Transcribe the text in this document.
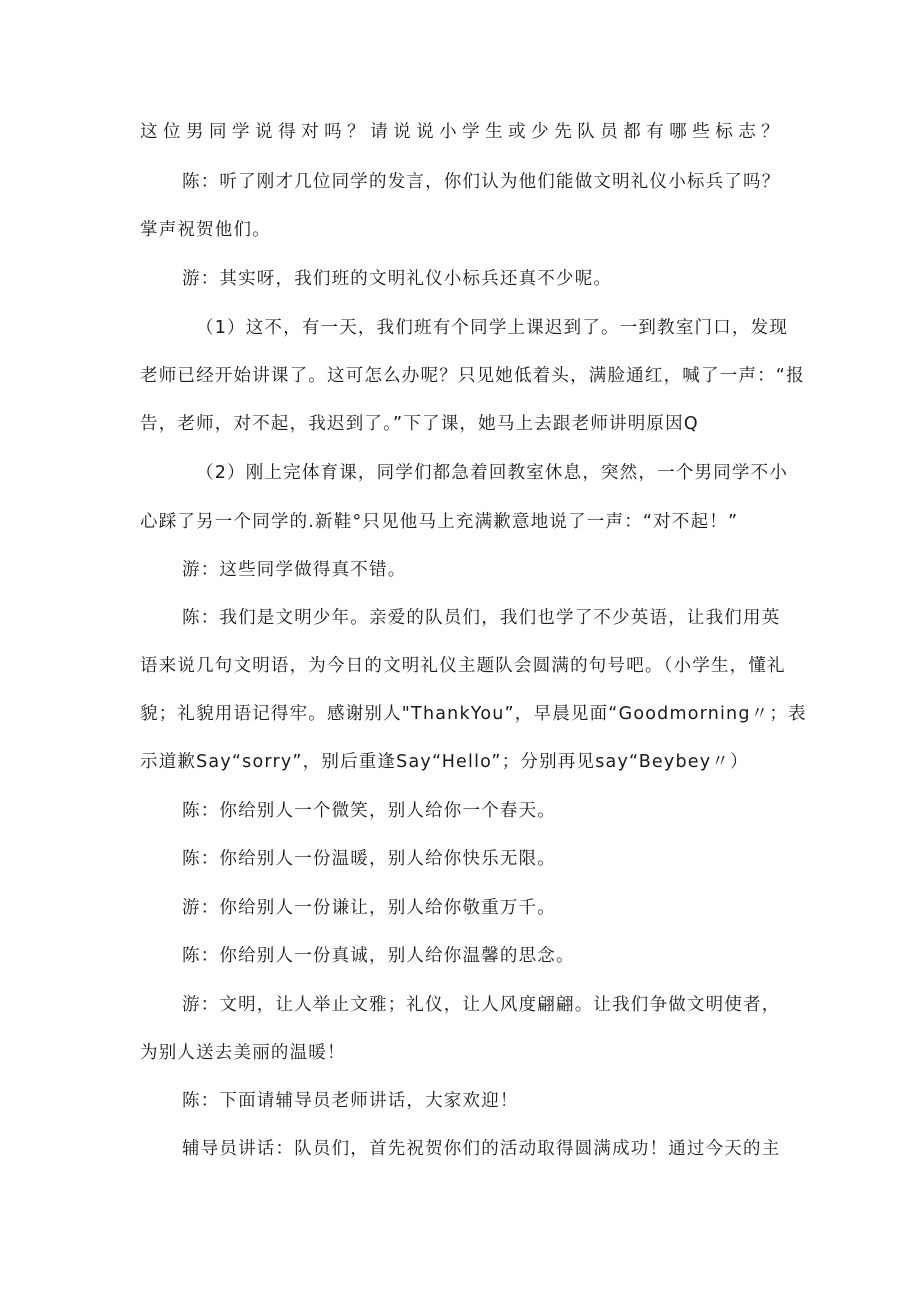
这位男同学说得对吗？请说说小学生或少先队员都有哪些标志？
陈：听了刚才几位同学的发言，你们认为他们能做文明礼仪小标兵了吗？
掌声祝贺他们。
游：其实呀，我们班的文明礼仪小标兵还真不少呢。
（1）这不，有一天，我们班有个同学上课迟到了。一到教室门口，发现
老师已经开始讲课了。这可怎么办呢？只见她低着头，满脸通红，喊了一声：“报
告，老师，对不起，我迟到了。”下了课，她马上去跟老师讲明原因Q
（2）刚上完体育课，同学们都急着回教室休息，突然，一个男同学不小
心踩了另一个同学的.新鞋°只见他马上充满歉意地说了一声：“对不起！”
游：这些同学做得真不错。
陈：我们是文明少年。亲爱的队员们，我们也学了不少英语，让我们用英
语来说几句文明语，为今日的文明礼仪主题队会圆满的句号吧。（小学生，懂礼
貌；礼貌用语记得牢。感谢别人"ThankYou”，早晨见面“Goodmorning〃；表
示道歉Say“sorry”，别后重逢Say“Hello”；分别再见say“Beybey〃）
陈：你给别人一个微笑，别人给你一个春天。
陈：你给别人一份温暖，别人给你快乐无限。
游：你给别人一份谦让，别人给你敬重万千。
陈：你给别人一份真诚，别人给你温馨的思念。
游：文明，让人举止文雅；礼仪，让人风度翩翩。让我们争做文明使者，
为别人送去美丽的温暖！
陈：下面请辅导员老师讲话，大家欢迎！
辅导员讲话：队员们，首先祝贺你们的活动取得圆满成功！通过今天的主
